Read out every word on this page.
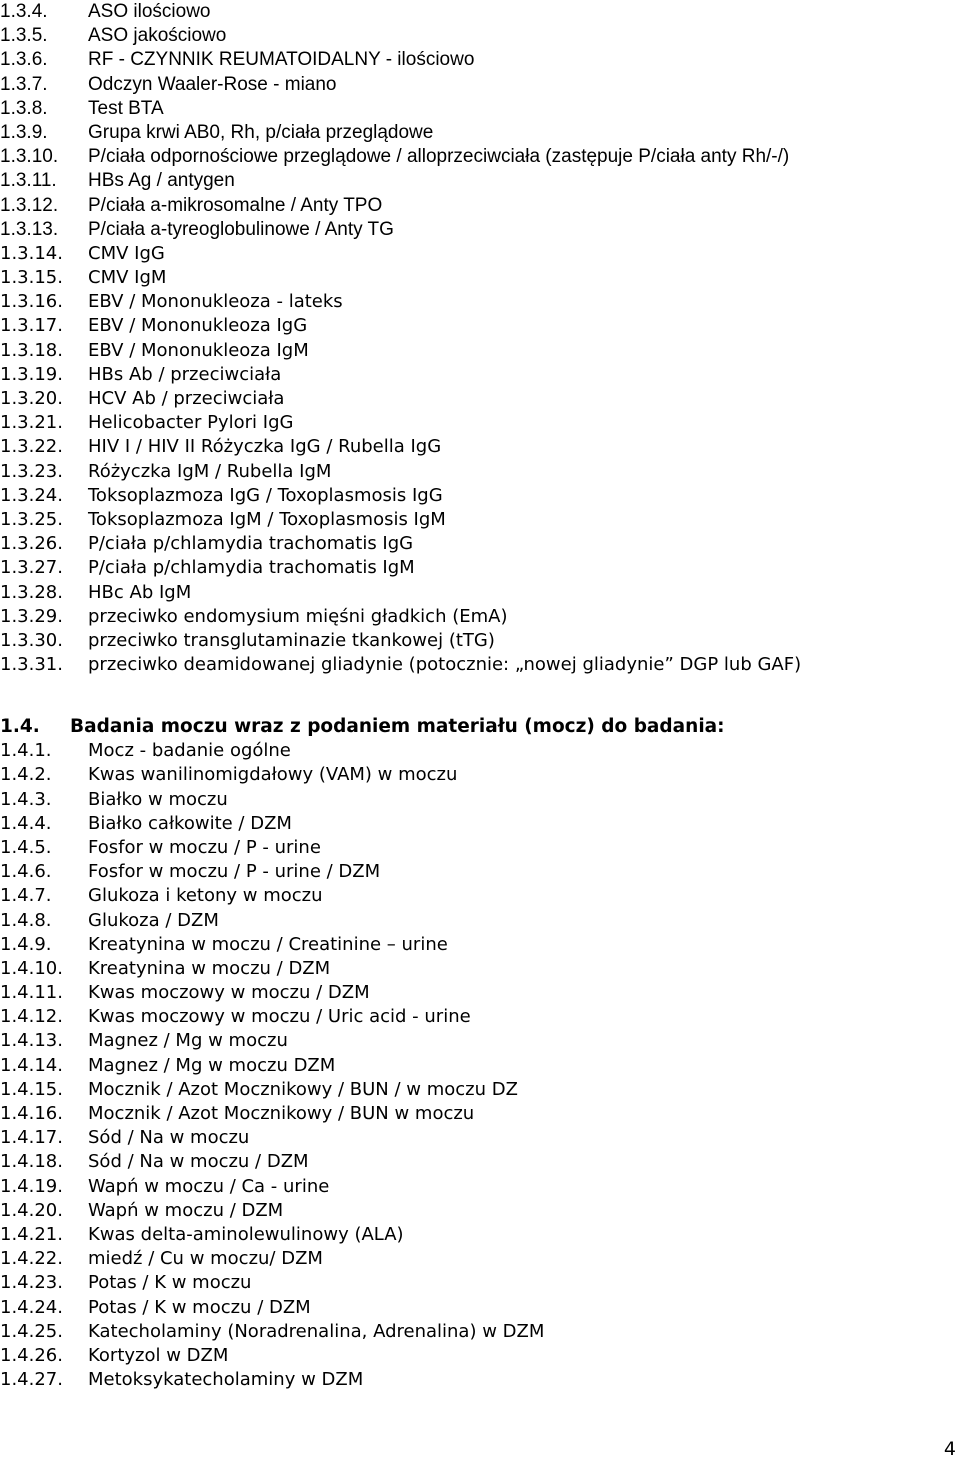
1.3.4.	ASO ilościowo
1.3.5.	ASO jakościowo
1.3.6.	RF - CZYNNIK REUMATOIDALNY - ilościowo
1.3.7.	Odczyn Waaler-Rose - miano
1.3.8.	Test BTA
1.3.9.	Grupa krwi AB0, Rh, p/ciała przeglądowe
1.3.10.	P/ciała odpornościowe przeglądowe / alloprzeciwciała (zastępuje P/ciała anty Rh/-/)
1.3.11.	HBs Ag / antygen
1.3.12.	P/ciała a-mikrosomalne / Anty TPO
1.3.13.	P/ciała a-tyreoglobulinowe / Anty TG
1.3.14.	CMV IgG
1.3.15.	CMV IgM
1.3.16.	EBV / Mononukleoza - lateks
1.3.17.	EBV / Mononukleoza IgG
1.3.18.	EBV / Mononukleoza IgM
1.3.19.	HBs Ab / przeciwciała
1.3.20.	HCV Ab / przeciwciała
1.3.21.	Helicobacter Pylori IgG
1.3.22.	HIV I / HIV II Różyczka IgG / Rubella IgG
1.3.23.	Różyczka IgM / Rubella IgM
1.3.24.	Toksoplazmoza IgG / Toxoplasmosis IgG
1.3.25.	Toksoplazmoza IgM / Toxoplasmosis IgM
1.3.26.	P/ciała p/chlamydia trachomatis IgG
1.3.27.	P/ciała p/chlamydia trachomatis IgM
1.3.28.	HBc Ab IgM
1.3.29.	przeciwko endomysium mięśni gładkich (EmA)
1.3.30.	przeciwko transglutaminazie tkankowej (tTG)
1.3.31.	przeciwko deamidowanej gliadynie (potocznie: „nowej gliadynie” DGP lub GAF)
1.4.	Badania moczu wraz z podaniem materiału (mocz) do badania:
1.4.1.	Mocz - badanie ogólne
1.4.2.	Kwas wanilinomigdałowy (VAM) w moczu
1.4.3.	Białko w moczu
1.4.4.	Białko całkowite / DZM
1.4.5.	Fosfor w moczu / P - urine
1.4.6.	Fosfor w moczu / P - urine / DZM
1.4.7.	Glukoza i ketony w moczu
1.4.8.	Glukoza / DZM
1.4.9.	Kreatynina w moczu / Creatinine – urine
1.4.10.	Kreatynina w moczu / DZM
1.4.11.	Kwas moczowy w moczu / DZM
1.4.12.	Kwas moczowy w moczu / Uric acid - urine
1.4.13.	Magnez / Mg w moczu
1.4.14.	Magnez / Mg w moczu DZM
1.4.15.	Mocznik / Azot Mocznikowy / BUN / w moczu DZ
1.4.16.	Mocznik / Azot Mocznikowy / BUN w moczu
1.4.17.	Sód / Na w moczu
1.4.18.	Sód / Na w moczu / DZM
1.4.19.	Wapń w moczu / Ca - urine
1.4.20.	Wapń w moczu / DZM
1.4.21.	Kwas delta-aminolewulinowy (ALA)
1.4.22.	miedź / Cu w moczu/ DZM
1.4.23.	Potas / K w moczu
1.4.24.	Potas / K w moczu / DZM
1.4.25.	Katecholaminy (Noradrenalina, Adrenalina) w DZM
1.4.26.	Kortyzol w DZM
1.4.27.	Metoksykatecholaminy w DZM
4
